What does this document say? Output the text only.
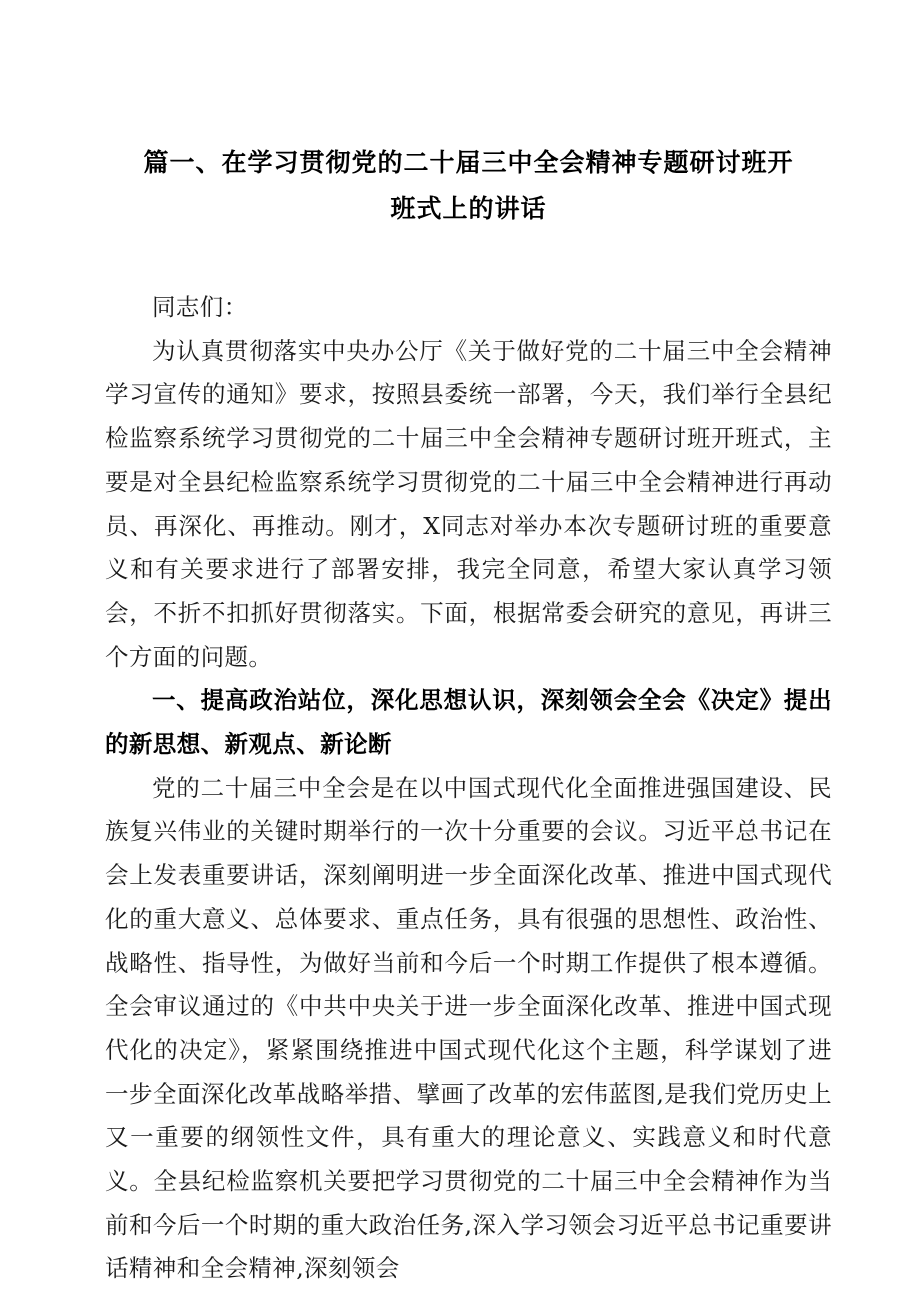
篇一、在学习贯彻党的二十届三中全会精神专题研讨班开
班式上的讲话

同志们：

为认真贯彻落实中央办公厅《关于做好党的二十届三中全会精神学习宣传的通知》要求，按照县委统一部署，今天，我们举行全县纪检监察系统学习贯彻党的二十届三中全会精神专题研讨班开班式，主要是对全县纪检监察系统学习贯彻党的二十届三中全会精神进行再动员、再深化、再推动。刚才，X同志对举办本次专题研讨班的重要意义和有关要求进行了部署安排，我完全同意，希望大家认真学习领会，不折不扣抓好贯彻落实。下面，根据常委会研究的意见，再讲三个方面的问题。

一、提高政治站位，深化思想认识，深刻领会全会《决定》提出的新思想、新观点、新论断

党的二十届三中全会是在以中国式现代化全面推进强国建设、民族复兴伟业的关键时期举行的一次十分重要的会议。习近平总书记在会上发表重要讲话，深刻阐明进一步全面深化改革、推进中国式现代化的重大意义、总体要求、重点任务，具有很强的思想性、政治性、战略性、指导性，为做好当前和今后一个时期工作提供了根本遵循。全会审议通过的《中共中央关于进一步全面深化改革、推进中国式现代化的决定》，紧紧围绕推进中国式现代化这个主题，科学谋划了进一步全面深化改革战略举措、擘画了改革的宏伟蓝图,是我们党历史上又一重要的纲领性文件，具有重大的理论意义、实践意义和时代意义。全县纪检监察机关要把学习贯彻党的二十届三中全会精神作为当前和今后一个时期的重大政治任务,深入学习领会习近平总书记重要讲话精神和全会精神,深刻领会
